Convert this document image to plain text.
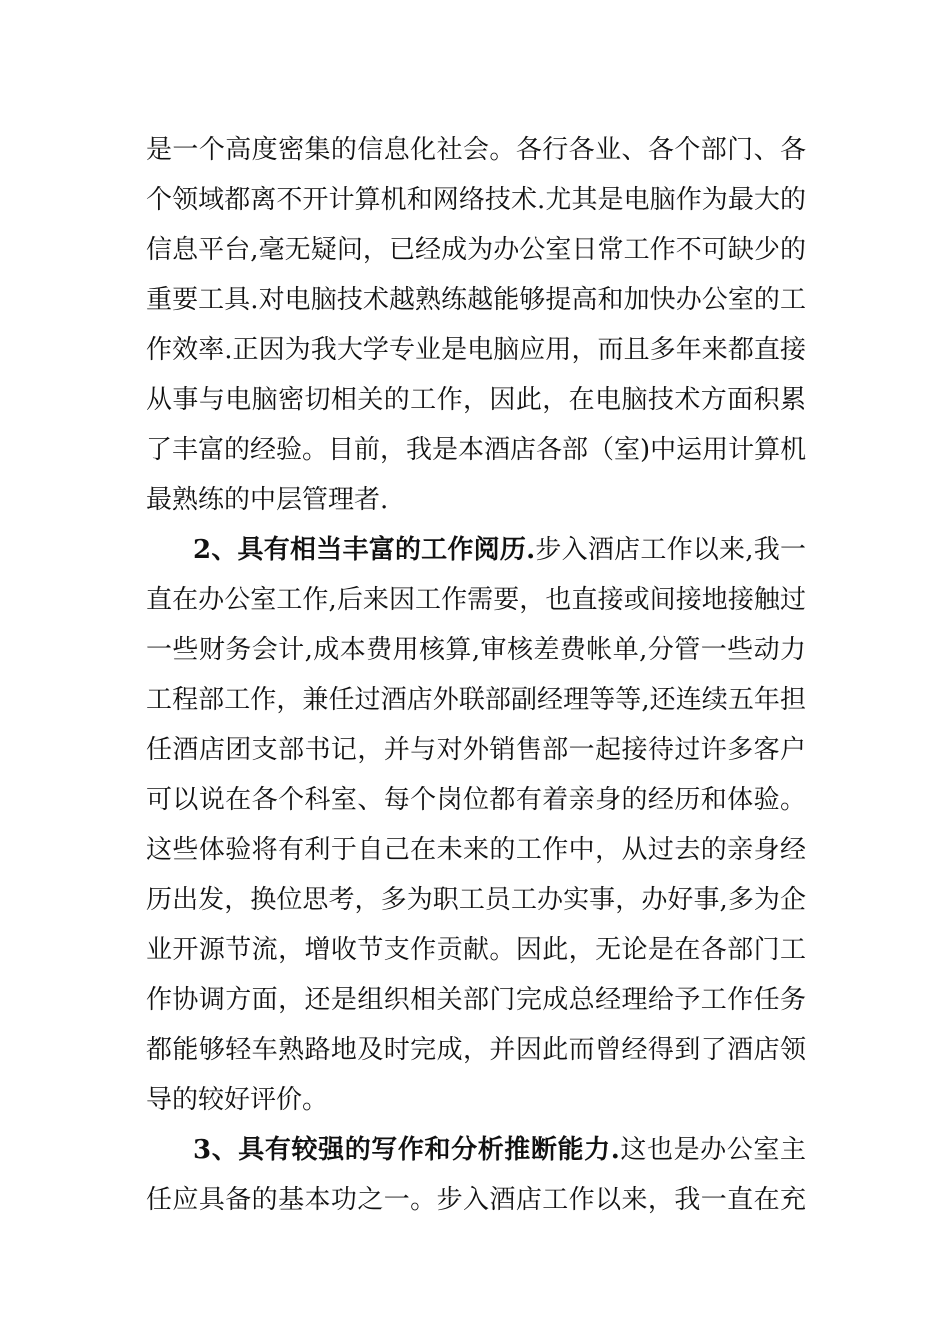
是一个高度密集的信息化社会。各行各业、各个部门、各
个领域都离不开计算机和网络技术.尤其是电脑作为最大的
信息平台,毫无疑问，已经成为办公室日常工作不可缺少的
重要工具.对电脑技术越熟练越能够提高和加快办公室的工
作效率.正因为我大学专业是电脑应用，而且多年来都直接
从事与电脑密切相关的工作，因此，在电脑技术方面积累
了丰富的经验。目前，我是本酒店各部（室)中运用计算机
最熟练的中层管理者.
2、具有相当丰富的工作阅历.步入酒店工作以来,我一
直在办公室工作,后来因工作需要，也直接或间接地接触过
一些财务会计,成本费用核算,审核差费帐单,分管一些动力
工程部工作，兼任过酒店外联部副经理等等,还连续五年担
任酒店团支部书记，并与对外销售部一起接待过许多客户
可以说在各个科室、每个岗位都有着亲身的经历和体验。
这些体验将有利于自己在未来的工作中，从过去的亲身经
历出发，换位思考，多为职工员工办实事，办好事,多为企
业开源节流，增收节支作贡献。因此，无论是在各部门工
作协调方面，还是组织相关部门完成总经理给予工作任务
都能够轻车熟路地及时完成，并因此而曾经得到了酒店领
导的较好评价。
3、具有较强的写作和分析推断能力.这也是办公室主
任应具备的基本功之一。步入酒店工作以来，我一直在充
